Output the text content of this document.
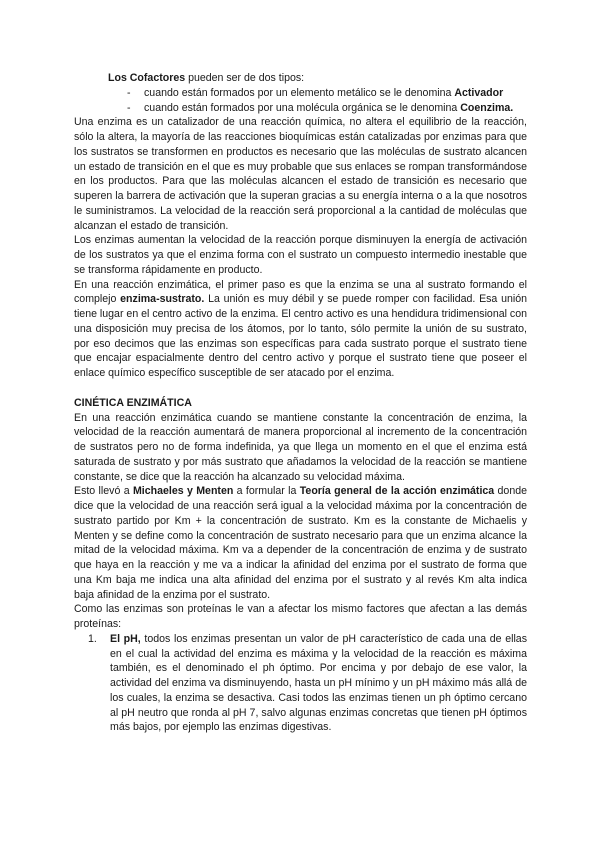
Los Cofactores pueden ser de dos tipos:

- cuando están formados por un elemento metálico se le denomina Activador
- cuando están formados por una molécula orgánica se le denomina Coenzima.

Una enzima es un catalizador de una reacción química, no altera el equilibrio de la reacción, sólo la altera, la mayoría de las reacciones bioquímicas están catalizadas por enzimas para que los sustratos se transformen en productos es necesario que las moléculas de sustrato alcancen un estado de transición en el que es muy probable que sus enlaces se rompan transformándose en los productos. Para que las moléculas alcancen el estado de transición es necesario que superen la barrera de activación que la superan gracias a su energía interna o a la que nosotros le suministramos. La velocidad de la reacción será proporcional a la cantidad de moléculas que alcanzan el estado de transición.

Los enzimas aumentan la velocidad de la reacción porque disminuyen la energía de activación de los sustratos ya que el enzima forma con el sustrato un compuesto intermedio inestable que se transforma rápidamente en producto.

En una reacción enzimática, el primer paso es que la enzima se una al sustrato formando el complejo enzima-sustrato. La unión es muy débil y se puede romper con facilidad. Esa unión tiene lugar en el centro activo de la enzima. El centro activo es una hendidura tridimensional con una disposición muy precisa de los átomos, por lo tanto, sólo permite la unión de su sustrato, por eso decimos que las enzimas son específicas para cada sustrato porque el sustrato tiene que encajar espacialmente dentro del centro activo y porque el sustrato tiene que poseer el enlace químico específico susceptible de ser atacado por el enzima.

CINÉTICA ENZIMÁTICA

En una reacción enzimática cuando se mantiene constante la concentración de enzima, la velocidad de la reacción aumentará de manera proporcional al incremento de la concentración de sustratos pero no de forma indefinida, ya que llega un momento en el que el enzima está saturada de sustrato y por más sustrato que añadamos la velocidad de la reacción se mantiene constante, se dice que la reacción ha alcanzado su velocidad máxima.

Esto llevó a Michaeles y Menten a formular la Teoría general de la acción enzimática donde dice que la velocidad de una reacción será igual a la velocidad máxima por la concentración de sustrato partido por Km + la concentración de sustrato. Km es la constante de Michaelis y Menten y se define como la concentración de sustrato necesario para que un enzima alcance la mitad de la velocidad máxima. Km va a depender de la concentración de enzima y de sustrato que haya en la reacción y me va a indicar la afinidad del enzima por el sustrato de forma que una Km baja me indica una alta afinidad del enzima por el sustrato y al revés Km alta indica baja afinidad de la enzima por el sustrato.

Como las enzimas son proteínas le van a afectar los mismo factores que afectan a las demás proteínas:

1. El pH, todos los enzimas presentan un valor de pH característico de cada una de ellas en el cual la actividad del enzima es máxima y la velocidad de la reacción es máxima también, es el denominado el ph óptimo. Por encima y por debajo de ese valor, la actividad del enzima va disminuyendo, hasta un pH mínimo y un pH máximo más allá de los cuales, la enzima se desactiva. Casi todos las enzimas tienen un ph óptimo cercano al pH neutro que ronda al pH 7, salvo algunas enzimas concretas que tienen pH óptimos más bajos, por ejemplo las enzimas digestivas.
